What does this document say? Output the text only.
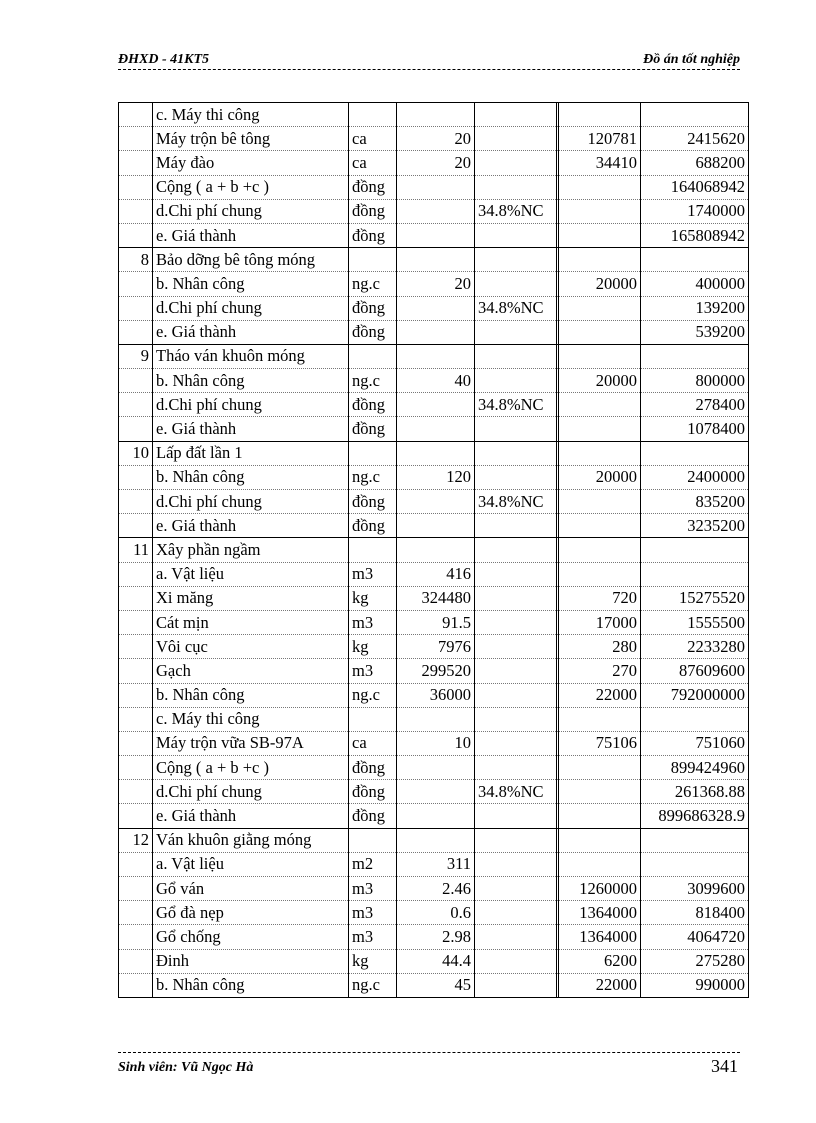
ĐHXD - 41KT5	Đồ án tốt nghiệp
	c. Máy thi công						
	Máy trộn bê tông	ca	20			120781	2415620
	Máy đào	ca	20			34410	688200
	Cộng ( a + b +c )	đồng					164068942
	d.Chi phí chung	đồng		34.8%NC			1740000
	e. Giá thành	đồng					165808942
8	Bảo dỡng bê tông móng						
	b. Nhân công	ng.c	20			20000	400000
	d.Chi phí chung	đồng		34.8%NC			139200
	e. Giá thành	đồng					539200
9	Tháo ván khuôn móng						
	b. Nhân công	ng.c	40			20000	800000
	d.Chi phí chung	đồng		34.8%NC			278400
	e. Giá thành	đồng					1078400
10	Lấp đất lần 1						
	b. Nhân công	ng.c	120			20000	2400000
	d.Chi phí chung	đồng		34.8%NC			835200
	e. Giá thành	đồng					3235200
11	Xây phần ngầm						
	a. Vật liệu	m3	416				
	Xi măng	kg	324480			720	15275520
	Cát mịn	m3	91.5			17000	1555500
	Vôi cục	kg	7976			280	2233280
	Gạch	m3	299520			270	87609600
	b. Nhân công	ng.c	36000			22000	792000000
	c. Máy thi công						
	Máy trộn vữa SB-97A	ca	10			75106	751060
	Cộng ( a + b +c )	đồng					899424960
	d.Chi phí chung	đồng		34.8%NC			261368.88
	e. Giá thành	đồng					899686328.9
12	Ván khuôn giằng móng						
	a. Vật liệu	m2	311				
	Gổ ván	m3	2.46			1260000	3099600
	Gổ đà nẹp	m3	0.6			1364000	818400
	Gổ chống	m3	2.98			1364000	4064720
	Đinh	kg	44.4			6200	275280
	b. Nhân công	ng.c	45			22000	990000
Sinh viên: Vũ Ngọc Hà	341
